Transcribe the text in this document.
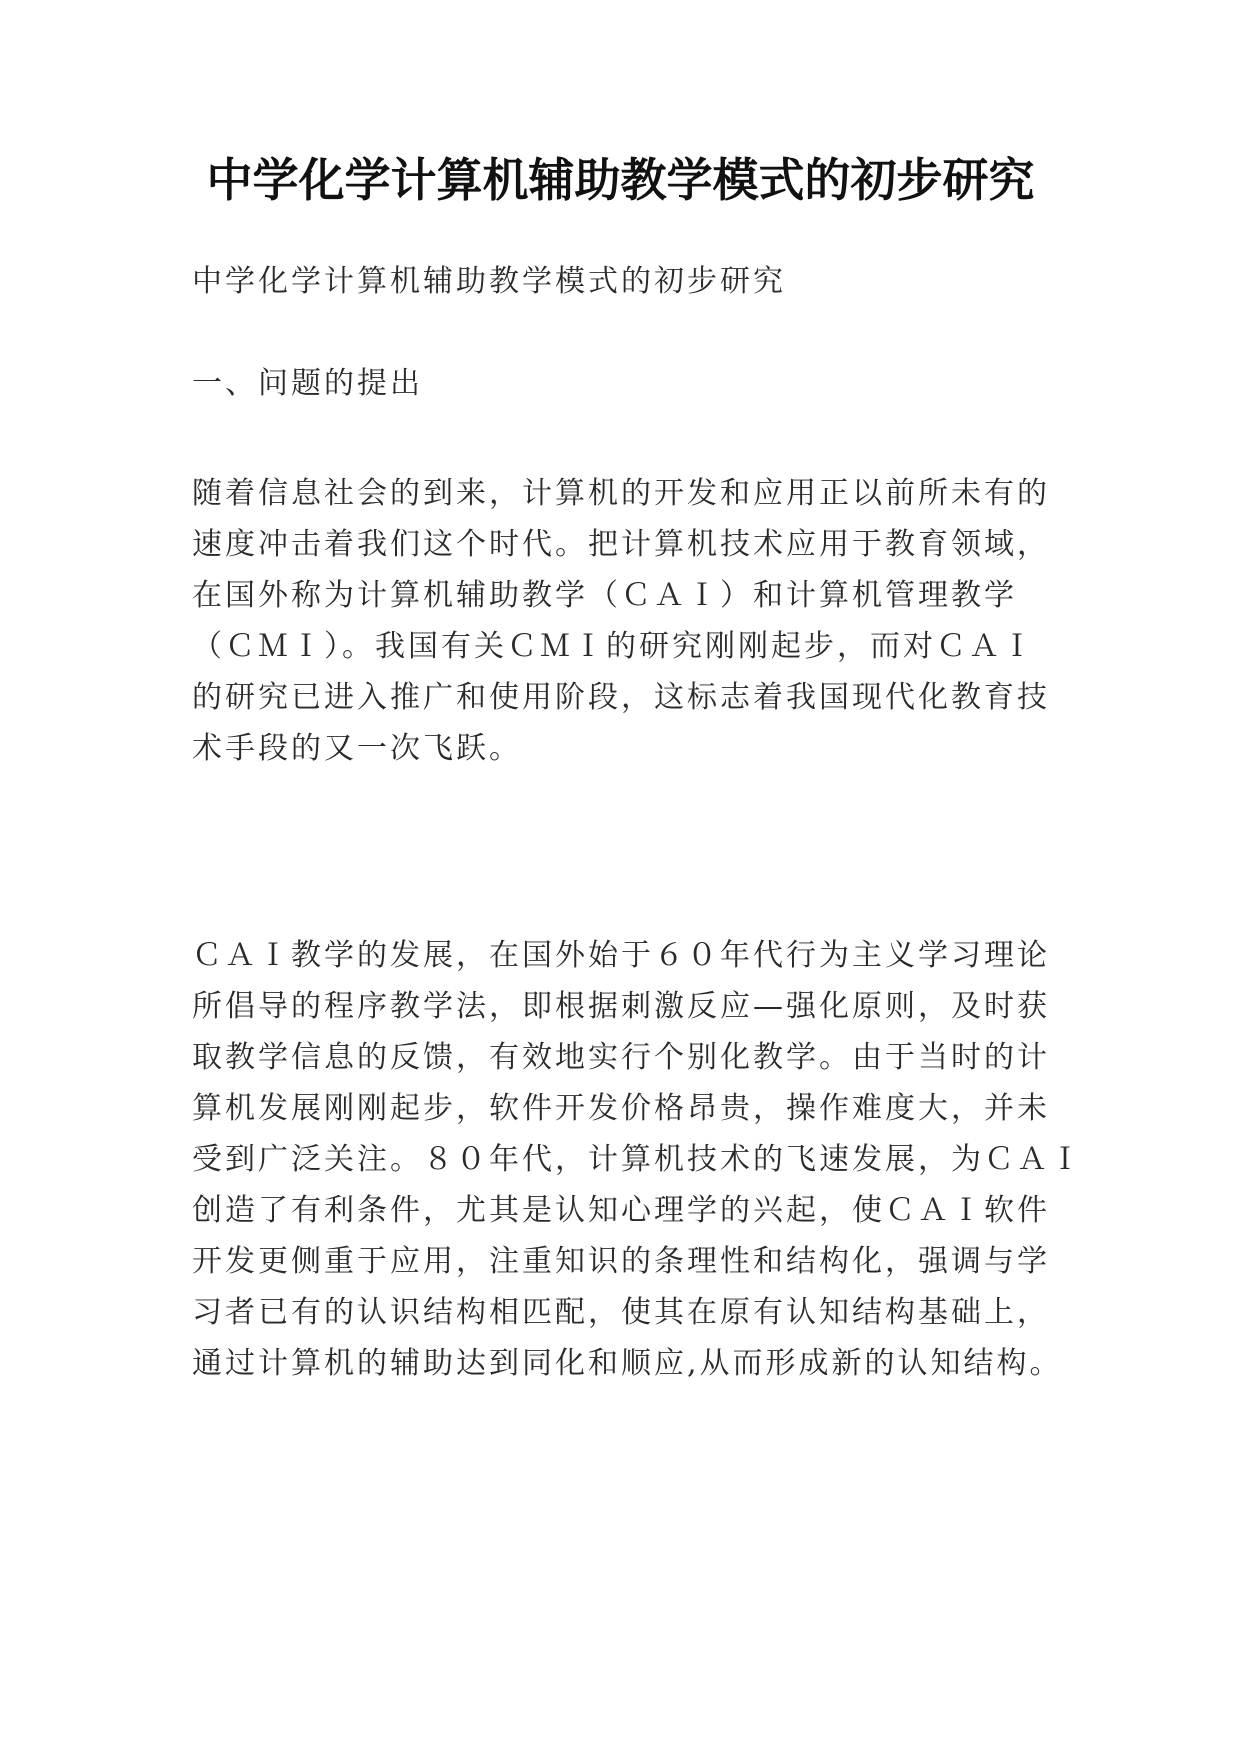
中学化学计算机辅助教学模式的初步研究
中学化学计算机辅助教学模式的初步研究
一、问题的提出
随着信息社会的到来，计算机的开发和应用正以前所未有的
速度冲击着我们这个时代。把计算机技术应用于教育领域，
在国外称为计算机辅助教学（ＣＡＩ）和计算机管理教学
（ＣＭＩ）。我国有关ＣＭＩ的研究刚刚起步，而对ＣＡＩ
的研究已进入推广和使用阶段，这标志着我国现代化教育技
术手段的又一次飞跃。
ＣＡＩ教学的发展，在国外始于６０年代行为主义学习理论
所倡导的程序教学法，即根据刺激反应—强化原则，及时获
取教学信息的反馈，有效地实行个别化教学。由于当时的计
算机发展刚刚起步，软件开发价格昂贵，操作难度大，并未
受到广泛关注。８０年代，计算机技术的飞速发展，为ＣＡＩ
创造了有利条件，尤其是认知心理学的兴起，使ＣＡＩ软件
开发更侧重于应用，注重知识的条理性和结构化，强调与学
习者已有的认识结构相匹配，使其在原有认知结构基础上，
通过计算机的辅助达到同化和顺应,从而形成新的认知结构。
